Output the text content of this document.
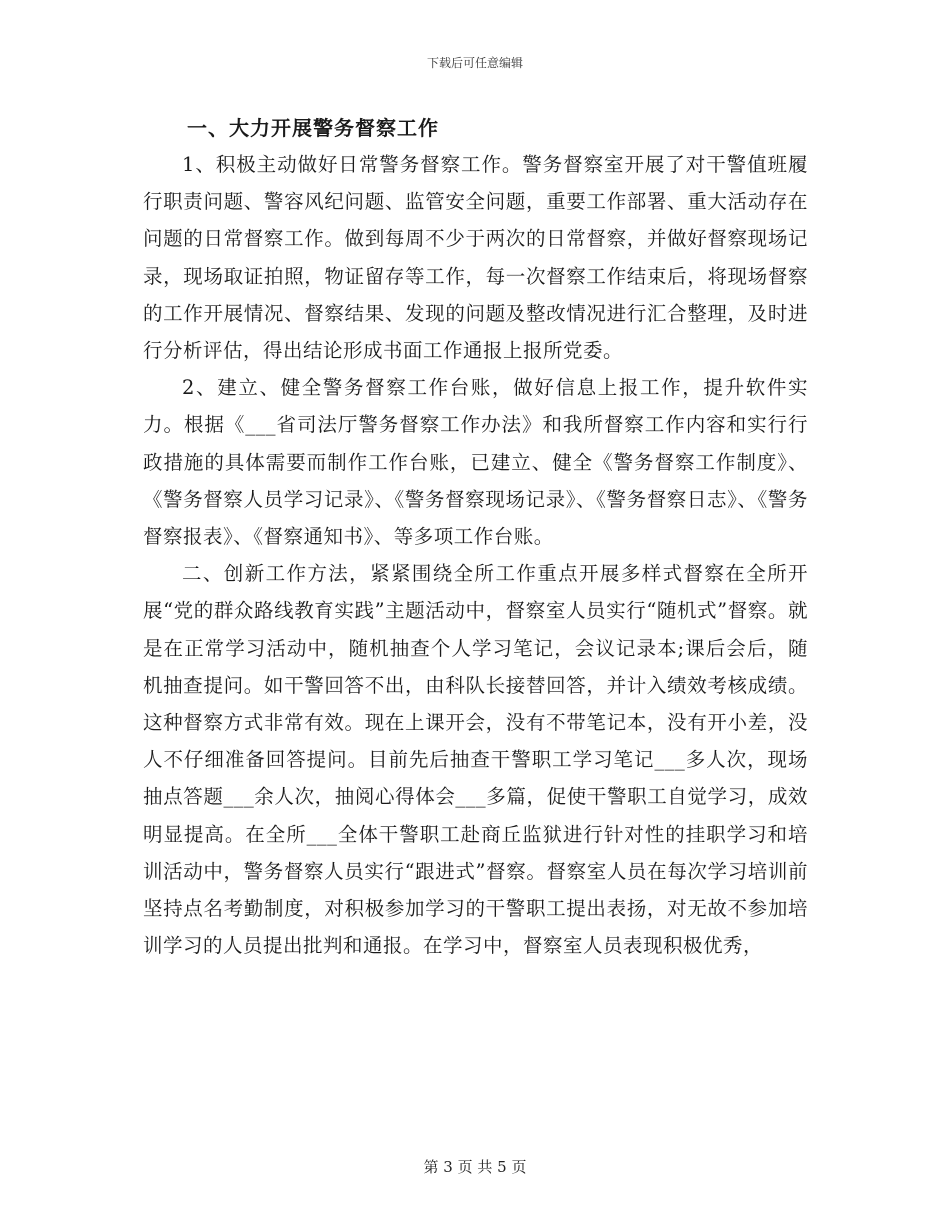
下载后可任意编辑

一、大力开展警务督察工作

1、积极主动做好日常警务督察工作。警务督察室开展了对干警值班履行职责问题、警容风纪问题、监管安全问题，重要工作部署、重大活动存在问题的日常督察工作。做到每周不少于两次的日常督察，并做好督察现场记录，现场取证拍照，物证留存等工作，每一次督察工作结束后，将现场督察的工作开展情况、督察结果、发现的问题及整改情况进行汇合整理，及时进行分析评估，得出结论形成书面工作通报上报所党委。

2、建立、健全警务督察工作台账，做好信息上报工作，提升软件实力。根据《___省司法厅警务督察工作办法》和我所督察工作内容和实行行政措施的具体需要而制作工作台账，已建立、健全《警务督察工作制度》、《警务督察人员学习记录》、《警务督察现场记录》、《警务督察日志》、《警务督察报表》、《督察通知书》、等多项工作台账。

二、创新工作方法，紧紧围绕全所工作重点开展多样式督察在全所开展“党的群众路线教育实践”主题活动中，督察室人员实行“随机式”督察。就是在正常学习活动中，随机抽查个人学习笔记，会议记录本;课后会后，随机抽查提问。如干警回答不出，由科队长接替回答，并计入绩效考核成绩。这种督察方式非常有效。现在上课开会，没有不带笔记本，没有开小差，没人不仔细准备回答提问。目前先后抽查干警职工学习笔记___多人次，现场抽点答题___余人次，抽阅心得体会___多篇，促使干警职工自觉学习，成效明显提高。在全所___全体干警职工赴商丘监狱进行针对性的挂职学习和培训活动中，警务督察人员实行“跟进式”督察。督察室人员在每次学习培训前坚持点名考勤制度，对积极参加学习的干警职工提出表扬，对无故不参加培训学习的人员提出批判和通报。在学习中，督察室人员表现积极优秀，

第 3 页 共 5 页
